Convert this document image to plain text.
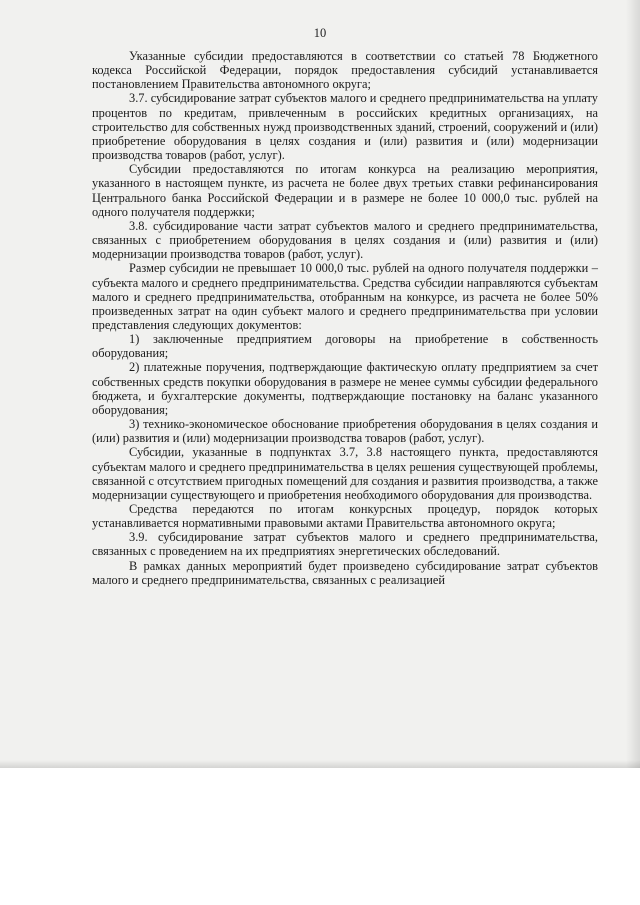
10

Указанные субсидии предоставляются в соответствии со статьей 78 Бюджетного кодекса Российской Федерации, порядок предоставления субсидий устанавливается постановлением Правительства автономного округа;

3.7. субсидирование затрат субъектов малого и среднего предпринимательства на уплату процентов по кредитам, привлеченным в российских кредитных организациях, на строительство для собственных нужд производственных зданий, строений, сооружений и (или) приобретение оборудования в целях создания и (или) развития и (или) модернизации производства товаров (работ, услуг).

Субсидии предоставляются по итогам конкурса на реализацию мероприятия, указанного в настоящем пункте, из расчета не более двух третьих ставки рефинансирования Центрального банка Российской Федерации и в размере не более 10 000,0 тыс. рублей на одного получателя поддержки;

3.8. субсидирование части затрат субъектов малого и среднего предпринимательства, связанных с приобретением оборудования в целях создания и (или) развития и (или) модернизации производства товаров (работ, услуг).

Размер субсидии не превышает 10 000,0 тыс. рублей на одного получателя поддержки – субъекта малого и среднего предпринимательства. Средства субсидии направляются субъектам малого и среднего предпринимательства, отобранным на конкурсе, из расчета не более 50% произведенных затрат на один субъект малого и среднего предпринимательства при условии представления следующих документов:

1) заключенные предприятием договоры на приобретение в собственность оборудования;

2) платежные поручения, подтверждающие фактическую оплату предприятием за счет собственных средств покупки оборудования в размере не менее суммы субсидии федерального бюджета, и бухгалтерские документы, подтверждающие постановку на баланс указанного оборудования;

3) технико-экономическое обоснование приобретения оборудования в целях создания и (или) развития и (или) модернизации производства товаров (работ, услуг).

Субсидии, указанные в подпунктах 3.7, 3.8 настоящего пункта, предоставляются субъектам малого и среднего предпринимательства в целях решения существующей проблемы, связанной с отсутствием пригодных помещений для создания и развития производства, а также модернизации существующего и приобретения необходимого оборудования для производства.

Средства передаются по итогам конкурсных процедур, порядок которых устанавливается нормативными правовыми актами Правительства автономного округа;

3.9. субсидирование затрат субъектов малого и среднего предпринимательства, связанных с проведением на их предприятиях энергетических обследований.

В рамках данных мероприятий будет произведено субсидирование затрат субъектов малого и среднего предпринимательства, связанных с реализацией
